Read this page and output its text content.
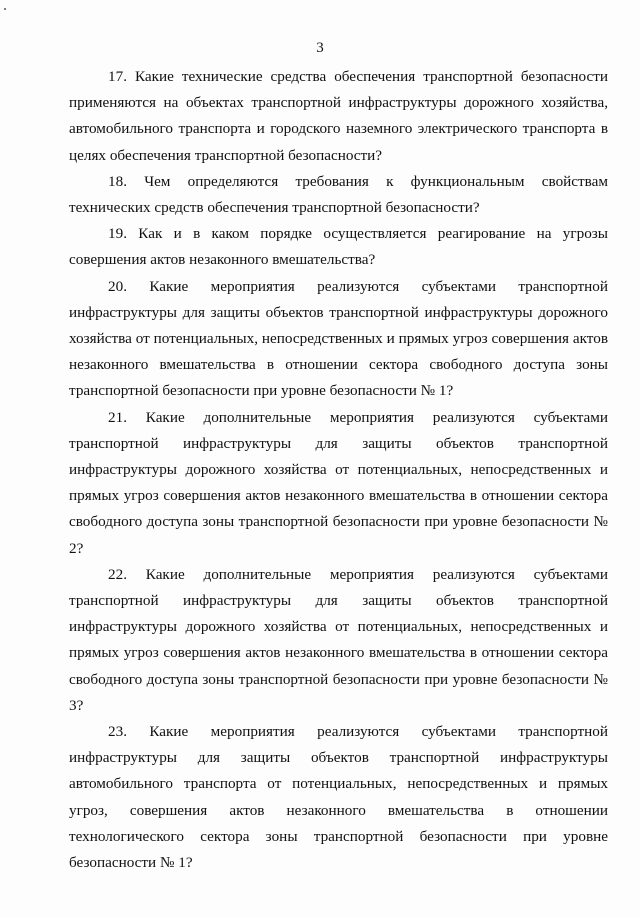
3

17. Какие технические средства обеспечения транспортной безопасности применяются на объектах транспортной инфраструктуры дорожного хозяйства, автомобильного транспорта и городского наземного электрического транспорта в целях обеспечения транспортной безопасности?

18. Чем определяются требования к функциональным свойствам технических средств обеспечения транспортной безопасности?

19. Как и в каком порядке осуществляется реагирование на угрозы совершения актов незаконного вмешательства?

20. Какие мероприятия реализуются субъектами транспортной инфраструктуры для защиты объектов транспортной инфраструктуры дорожного хозяйства от потенциальных, непосредственных и прямых угроз совершения актов незаконного вмешательства в отношении сектора свободного доступа зоны транспортной безопасности при уровне безопасности № 1?

21. Какие дополнительные мероприятия реализуются субъектами транспортной инфраструктуры для защиты объектов транспортной инфраструктуры дорожного хозяйства от потенциальных, непосредственных и прямых угроз совершения актов незаконного вмешательства в отношении сектора свободного доступа зоны транспортной безопасности при уровне безопасности № 2?

22. Какие дополнительные мероприятия реализуются субъектами транспортной инфраструктуры для защиты объектов транспортной инфраструктуры дорожного хозяйства от потенциальных, непосредственных и прямых угроз совершения актов незаконного вмешательства в отношении сектора свободного доступа зоны транспортной безопасности при уровне безопасности № 3?

23. Какие мероприятия реализуются субъектами транспортной инфраструктуры для защиты объектов транспортной инфраструктуры автомобильного транспорта от потенциальных, непосредственных и прямых угроз, совершения актов незаконного вмешательства в отношении технологического сектора зоны транспортной безопасности при уровне безопасности № 1?
